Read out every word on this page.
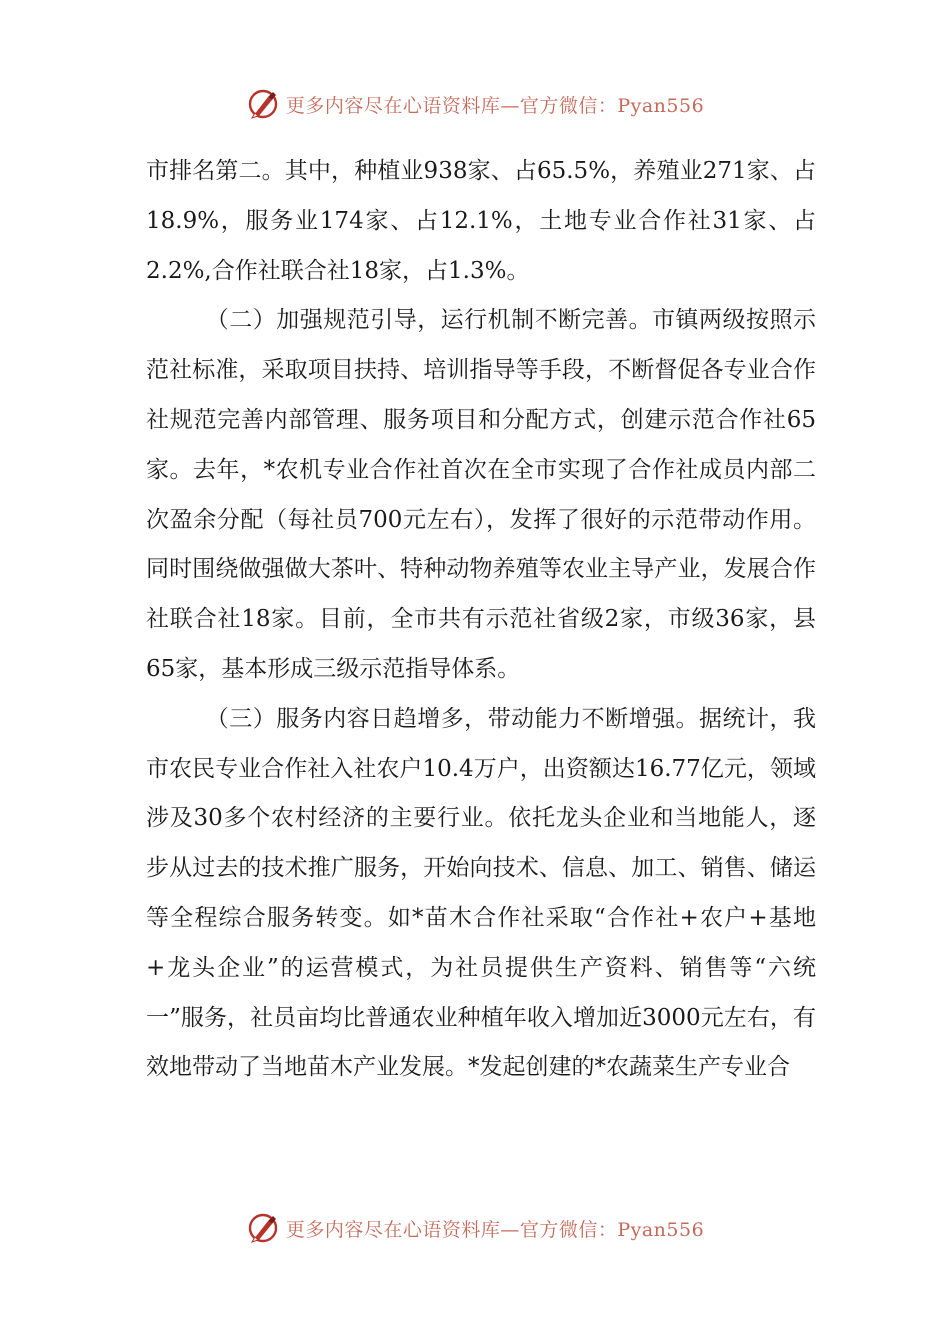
更多内容尽在心语资料库—官方微信：Pyan556

市排名第二。其中，种植业938家、占65.5%，养殖业271家、占18.9%，服务业174家、占12.1%，土地专业合作社31家、占2.2%,合作社联合社18家，占1.3%。

（二）加强规范引导，运行机制不断完善。市镇两级按照示范社标准，采取项目扶持、培训指导等手段，不断督促各专业合作社规范完善内部管理、服务项目和分配方式，创建示范合作社65家。去年，*农机专业合作社首次在全市实现了合作社成员内部二次盈余分配（每社员700元左右），发挥了很好的示范带动作用。同时围绕做强做大茶叶、特种动物养殖等农业主导产业，发展合作社联合社18家。目前，全市共有示范社省级2家，市级36家，县65家，基本形成三级示范指导体系。

（三）服务内容日趋增多，带动能力不断增强。据统计，我市农民专业合作社入社农户10.4万户，出资额达16.77亿元，领域涉及30多个农村经济的主要行业。依托龙头企业和当地能人，逐步从过去的技术推广服务，开始向技术、信息、加工、销售、储运等全程综合服务转变。如*苗木合作社采取“合作社+农户+基地+龙头企业”的运营模式，为社员提供生产资料、销售等“六统一”服务，社员亩均比普通农业种植年收入增加近3000元左右，有效地带动了当地苗木产业发展。*发起创建的*农蔬菜生产专业合

更多内容尽在心语资料库—官方微信：Pyan556
